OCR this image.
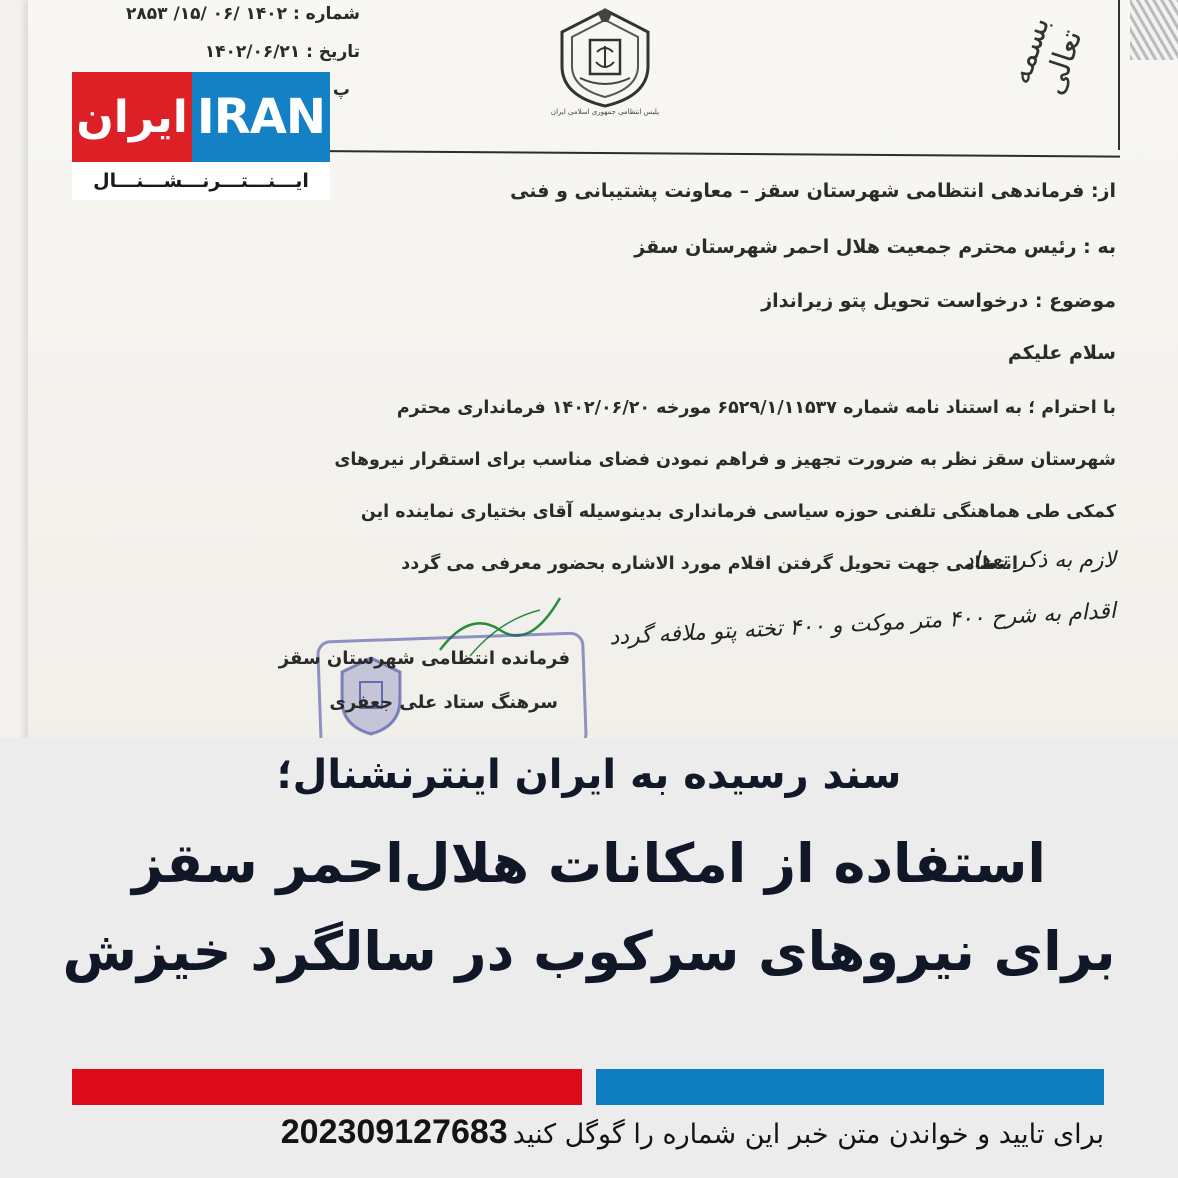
شماره : ۱۴۰۲ /۰۶ /۱۵/ ۲۸۵۳
تاریخ : ۱۴۰۲/۰۶/۲۱
پ
پلیس انتظامی جمهوری اسلامی ایران
بسمه تعالی
از: فرماندهی انتظامی شهرستان سقز – معاونت پشتیبانی و فنی
به : رئیس محترم جمعیت هلال احمر شهرستان سقز
موضوع : درخواست تحویل پتو زیرانداز
سلام علیکم
با احترام ؛ به استناد نامه شماره ۶۵۲۹/۱/۱۱۵۳۷ مورخه ۱۴۰۲/۰۶/۲۰ فرمانداری محترم
شهرستان سقز نظر به ضرورت تجهیز و فراهم نمودن فضای مناسب برای استقرار نیروهای
کمکی طی هماهنگی تلفنی حوزه سیاسی فرمانداری بدینوسیله آقای بختیاری نماینده این
انتظامی جهت تحویل گرفتن اقلام مورد الاشاره بحضور معرفی می گردد
لازم به ذکر تعداد
اقدام به شرح ۴۰۰ متر موکت و ۴۰۰ تخته پتو ملافه گردد
فرمانده انتظامی شهرستان سقز
سرهنگ ستاد علی جعفری
ایران IRAN
ایـــنـــتـــرنـــشـــنـــال
سند رسیده به ایران اینترنشنال؛
استفاده از امکانات هلال‌احمر سقز
برای نیروهای سرکوب در سالگرد خیزش
برای تایید و خواندن متن خبر این شماره را گوگل کنید 202309127683
